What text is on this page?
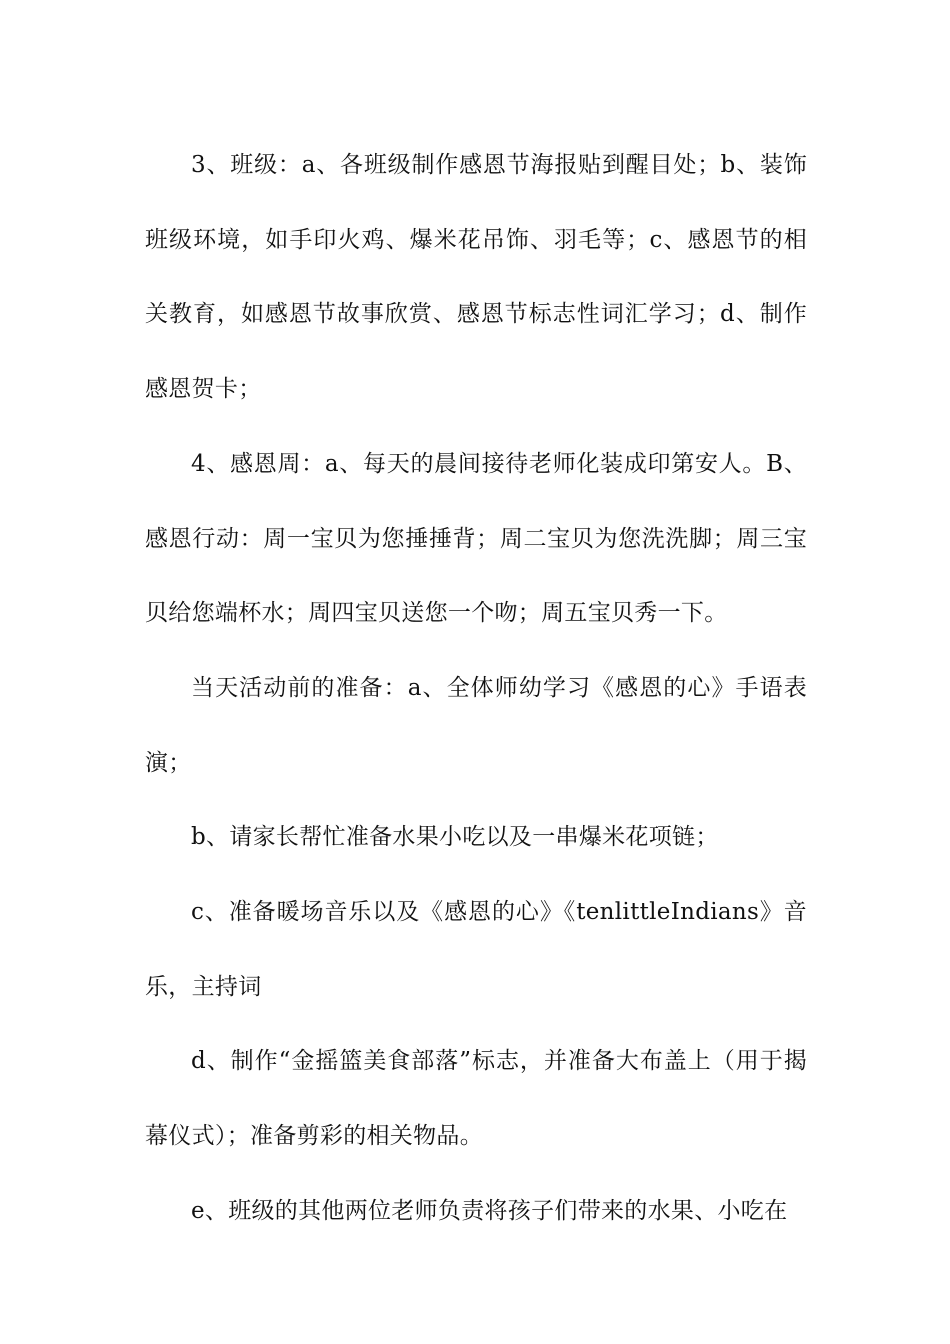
3、班级：a、各班级制作感恩节海报贴到醒目处；b、装饰班级环境，如手印火鸡、爆米花吊饰、羽毛等；c、感恩节的相关教育，如感恩节故事欣赏、感恩节标志性词汇学习；d、制作感恩贺卡；

4、感恩周：a、每天的晨间接待老师化装成印第安人。B、感恩行动：周一宝贝为您捶捶背；周二宝贝为您洗洗脚；周三宝贝给您端杯水；周四宝贝送您一个吻；周五宝贝秀一下。

当天活动前的准备：a、全体师幼学习《感恩的心》手语表演；

b、请家长帮忙准备水果小吃以及一串爆米花项链；

c、准备暖场音乐以及《感恩的心》《tenlittleIndians》音乐，主持词

d、制作“金摇篮美食部落”标志，并准备大布盖上（用于揭幕仪式）；准备剪彩的相关物品。

e、班级的其他两位老师负责将孩子们带来的水果、小吃在
